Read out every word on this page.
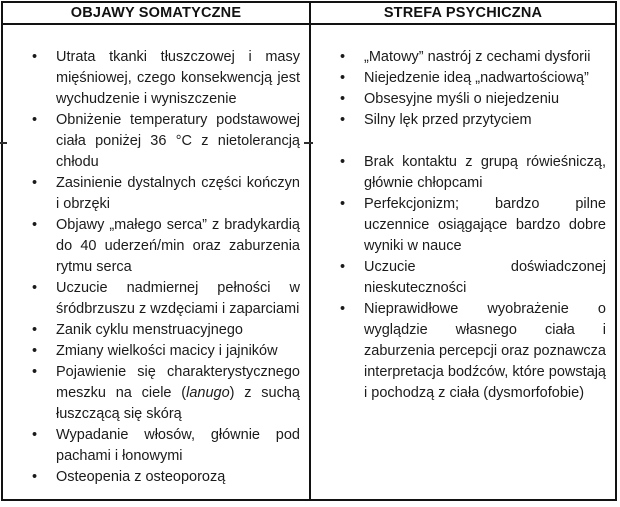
OBJAWY SOMATYCZNE
• Utrata tkanki tłuszczowej i masy mięśniowej, czego konsekwencją jest wychudzenie i wyniszczenie
• Obniżenie temperatury podstawowej ciała poniżej 36 °C z nietolerancją chłodu
• Zasinienie dystalnych części kończyn i obrzęki
• Objawy „małego serca” z bradykardią do 40 uderzeń/min oraz zaburzenia rytmu serca
• Uczucie nadmiernej pełności w śródbrzuszu z wzdęciami i zaparciami
• Zanik cyklu menstruacyjnego
• Zmiany wielkości macicy i jajników
• Pojawienie się charakterystycznego meszku na ciele (lanugo) z suchą łuszczącą się skórą
• Wypadanie włosów, głównie pod pachami i łonowymi
• Osteopenia z osteoporozą
STREFA PSYCHICZNA
• „Matowy” nastrój z cechami dysforii
• Niejedzenie ideą „nadwartościową”
• Obsesyjne myśli o niejedzeniu
• Silny lęk przed przytyciem
• Brak kontaktu z grupą rówieśniczą, głównie chłopcami
• Perfekcjonizm; bardzo pilne uczennice osiągające bardzo dobre wyniki w nauce
• Uczucie doświadczonej nieskuteczności
• Nieprawidłowe wyobrażenie o wyglądzie własnego ciała i zaburzenia percepcji oraz poznawcza interpretacja bodźców, które powstają i pochodzą z ciała (dysmorfofobie)
